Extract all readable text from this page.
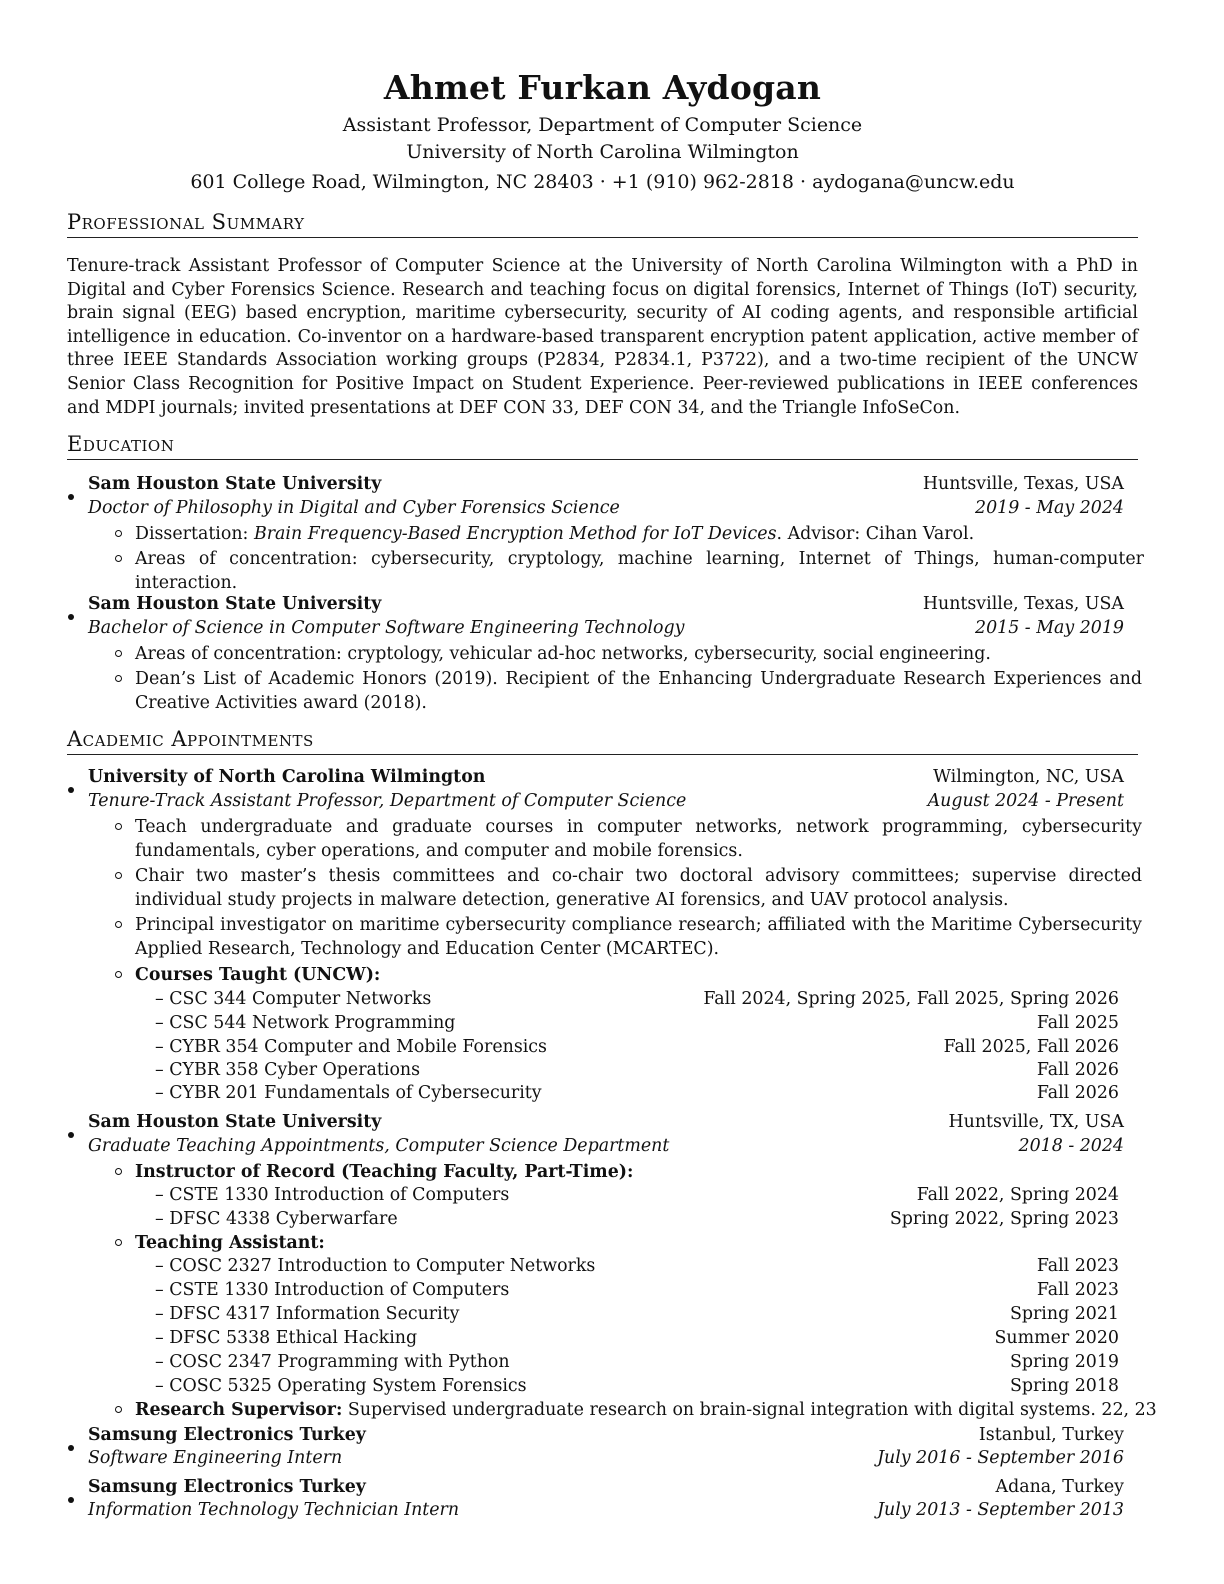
Ahmet Furkan Aydogan
Assistant Professor, Department of Computer Science
University of North Carolina Wilmington
601 College Road, Wilmington, NC 28403 · +1 (910) 962-2818 · aydogana@uncw.edu
Professional Summary
Tenure-track Assistant Professor of Computer Science at the University of North Carolina Wilmington with a PhD in Digital and Cyber Forensics Science. Research and teaching focus on digital forensics, Internet of Things (IoT) security, brain signal (EEG) based encryption, maritime cybersecurity, security of AI coding agents, and responsible artificial intelligence in education. Co-inventor on a hardware-based transparent encryption patent application, active member of three IEEE Standards Association working groups (P2834, P2834.1, P3722), and a two-time recipient of the UNCW Senior Class Recognition for Positive Impact on Student Experience. Peer-reviewed publications in IEEE conferences and MDPI journals; invited presentations at DEF CON 33, DEF CON 34, and the Triangle InfoSeCon.
Education
Sam Houston State University	Huntsville, Texas, USA
Doctor of Philosophy in Digital and Cyber Forensics Science	2019 - May 2024
Dissertation: Brain Frequency-Based Encryption Method for IoT Devices. Advisor: Cihan Varol.
Areas of concentration: cybersecurity, cryptology, machine learning, Internet of Things, human-computer interaction.
Sam Houston State University	Huntsville, Texas, USA
Bachelor of Science in Computer Software Engineering Technology	2015 - May 2019
Areas of concentration: cryptology, vehicular ad-hoc networks, cybersecurity, social engineering.
Dean’s List of Academic Honors (2019). Recipient of the Enhancing Undergraduate Research Experiences and Creative Activities award (2018).
Academic Appointments
University of North Carolina Wilmington	Wilmington, NC, USA
Tenure-Track Assistant Professor, Department of Computer Science	August 2024 - Present
Teach undergraduate and graduate courses in computer networks, network programming, cybersecurity fundamentals, cyber operations, and computer and mobile forensics.
Chair two master’s thesis committees and co-chair two doctoral advisory committees; supervise directed individual study projects in malware detection, generative AI forensics, and UAV protocol analysis.
Principal investigator on maritime cybersecurity compliance research; affiliated with the Maritime Cybersecurity Applied Research, Technology and Education Center (MCARTEC).
Courses Taught (UNCW):
– CSC 344 Computer Networks	Fall 2024, Spring 2025, Fall 2025, Spring 2026
– CSC 544 Network Programming	Fall 2025
– CYBR 354 Computer and Mobile Forensics	Fall 2025, Fall 2026
– CYBR 358 Cyber Operations	Fall 2026
– CYBR 201 Fundamentals of Cybersecurity	Fall 2026
Sam Houston State University	Huntsville, TX, USA
Graduate Teaching Appointments, Computer Science Department	2018 - 2024
Instructor of Record (Teaching Faculty, Part-Time):
– CSTE 1330 Introduction of Computers	Fall 2022, Spring 2024
– DFSC 4338 Cyberwarfare	Spring 2022, Spring 2023
Teaching Assistant:
– COSC 2327 Introduction to Computer Networks	Fall 2023
– CSTE 1330 Introduction of Computers	Fall 2023
– DFSC 4317 Information Security	Spring 2021
– DFSC 5338 Ethical Hacking	Summer 2020
– COSC 2347 Programming with Python	Spring 2019
– COSC 5325 Operating System Forensics	Spring 2018
Research Supervisor: Supervised undergraduate research on brain-signal integration with digital systems. 22, 23
Samsung Electronics Turkey	Istanbul, Turkey
Software Engineering Intern	July 2016 - September 2016
Samsung Electronics Turkey	Adana, Turkey
Information Technology Technician Intern	July 2013 - September 2013
